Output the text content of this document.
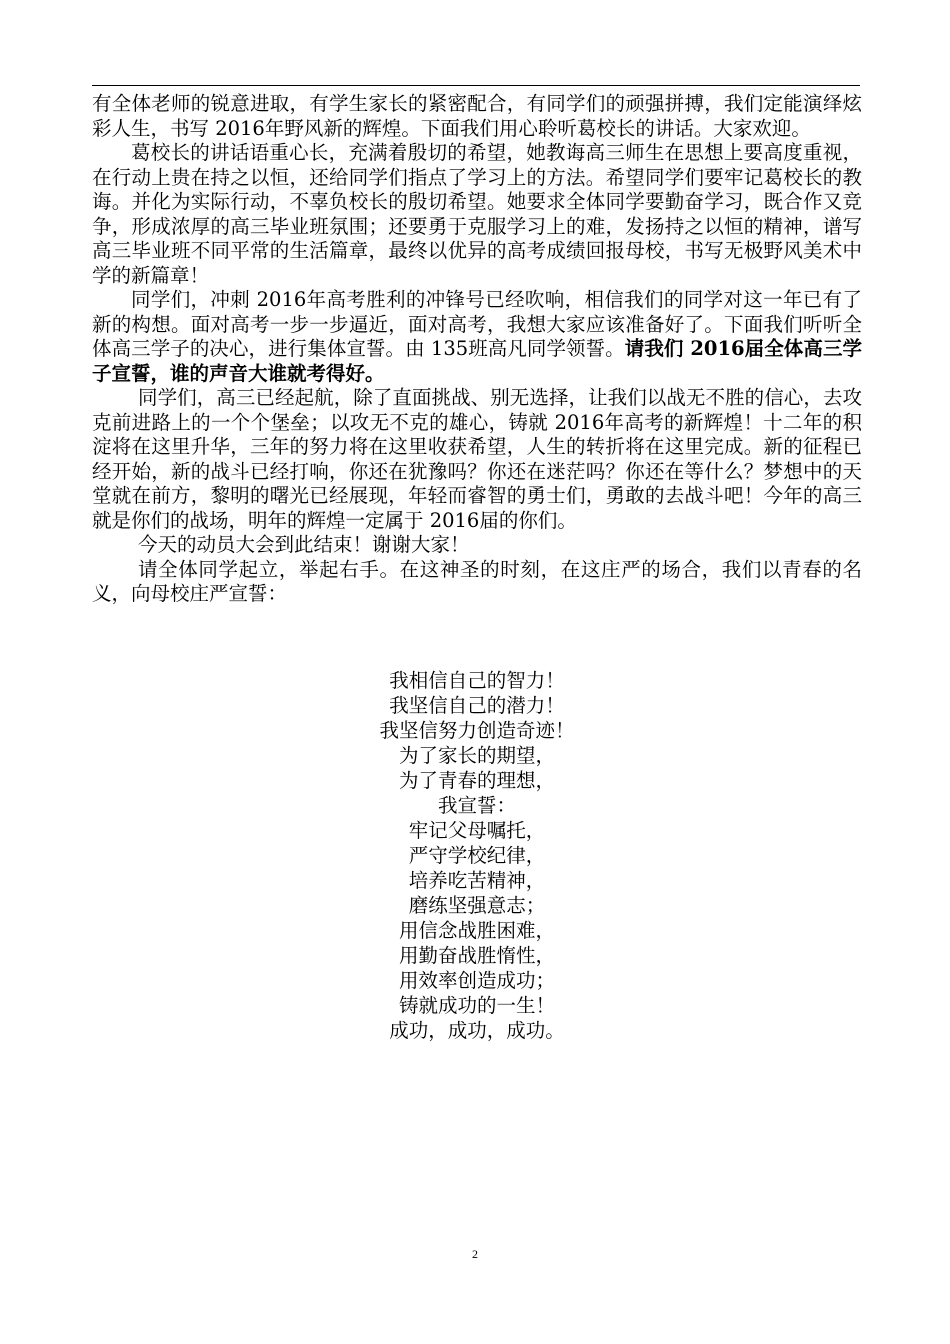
有全体老师的锐意进取，有学生家长的紧密配合，有同学们的顽强拼搏，我们定能演绎炫彩人生，书写 2016年野风新的辉煌。下面我们用心聆听葛校长的讲话。大家欢迎。

葛校长的讲话语重心长，充满着殷切的希望，她教诲高三师生在思想上要高度重视，在行动上贵在持之以恒，还给同学们指点了学习上的方法。希望同学们要牢记葛校长的教诲。并化为实际行动，不辜负校长的殷切希望。她要求全体同学要勤奋学习，既合作又竞争，形成浓厚的高三毕业班氛围；还要勇于克服学习上的难，发扬持之以恒的精神，谱写高三毕业班不同平常的生活篇章，最终以优异的高考成绩回报母校，书写无极野风美术中学的新篇章！

同学们，冲刺 2016年高考胜利的冲锋号已经吹响，相信我们的同学对这一年已有了新的构想。面对高考一步一步逼近，面对高考，我想大家应该准备好了。下面我们听听全体高三学子的决心，进行集体宣誓。由 135班高凡同学领誓。请我们 2016届全体高三学子宣誓，谁的声音大谁就考得好。

同学们，高三已经起航，除了直面挑战、别无选择，让我们以战无不胜的信心，去攻克前进路上的一个个堡垒；以攻无不克的雄心，铸就 2016年高考的新辉煌！十二年的积淀将在这里升华，三年的努力将在这里收获希望，人生的转折将在这里完成。新的征程已经开始，新的战斗已经打响，你还在犹豫吗？你还在迷茫吗？你还在等什么？梦想中的天堂就在前方，黎明的曙光已经展现，年轻而睿智的勇士们，勇敢的去战斗吧！今年的高三就是你们的战场，明年的辉煌一定属于 2016届的你们。

今天的动员大会到此结束！谢谢大家！

请全体同学起立，举起右手。在这神圣的时刻，在这庄严的场合，我们以青春的名义，向母校庄严宣誓：

我相信自己的智力！
我坚信自己的潜力！
我坚信努力创造奇迹！
为了家长的期望，
为了青春的理想，
我宣誓：
牢记父母嘱托，
严守学校纪律，
培养吃苦精神，
磨练坚强意志；
用信念战胜困难，
用勤奋战胜惰性，
用效率创造成功；
铸就成功的一生！
成功，成功，成功。
2
